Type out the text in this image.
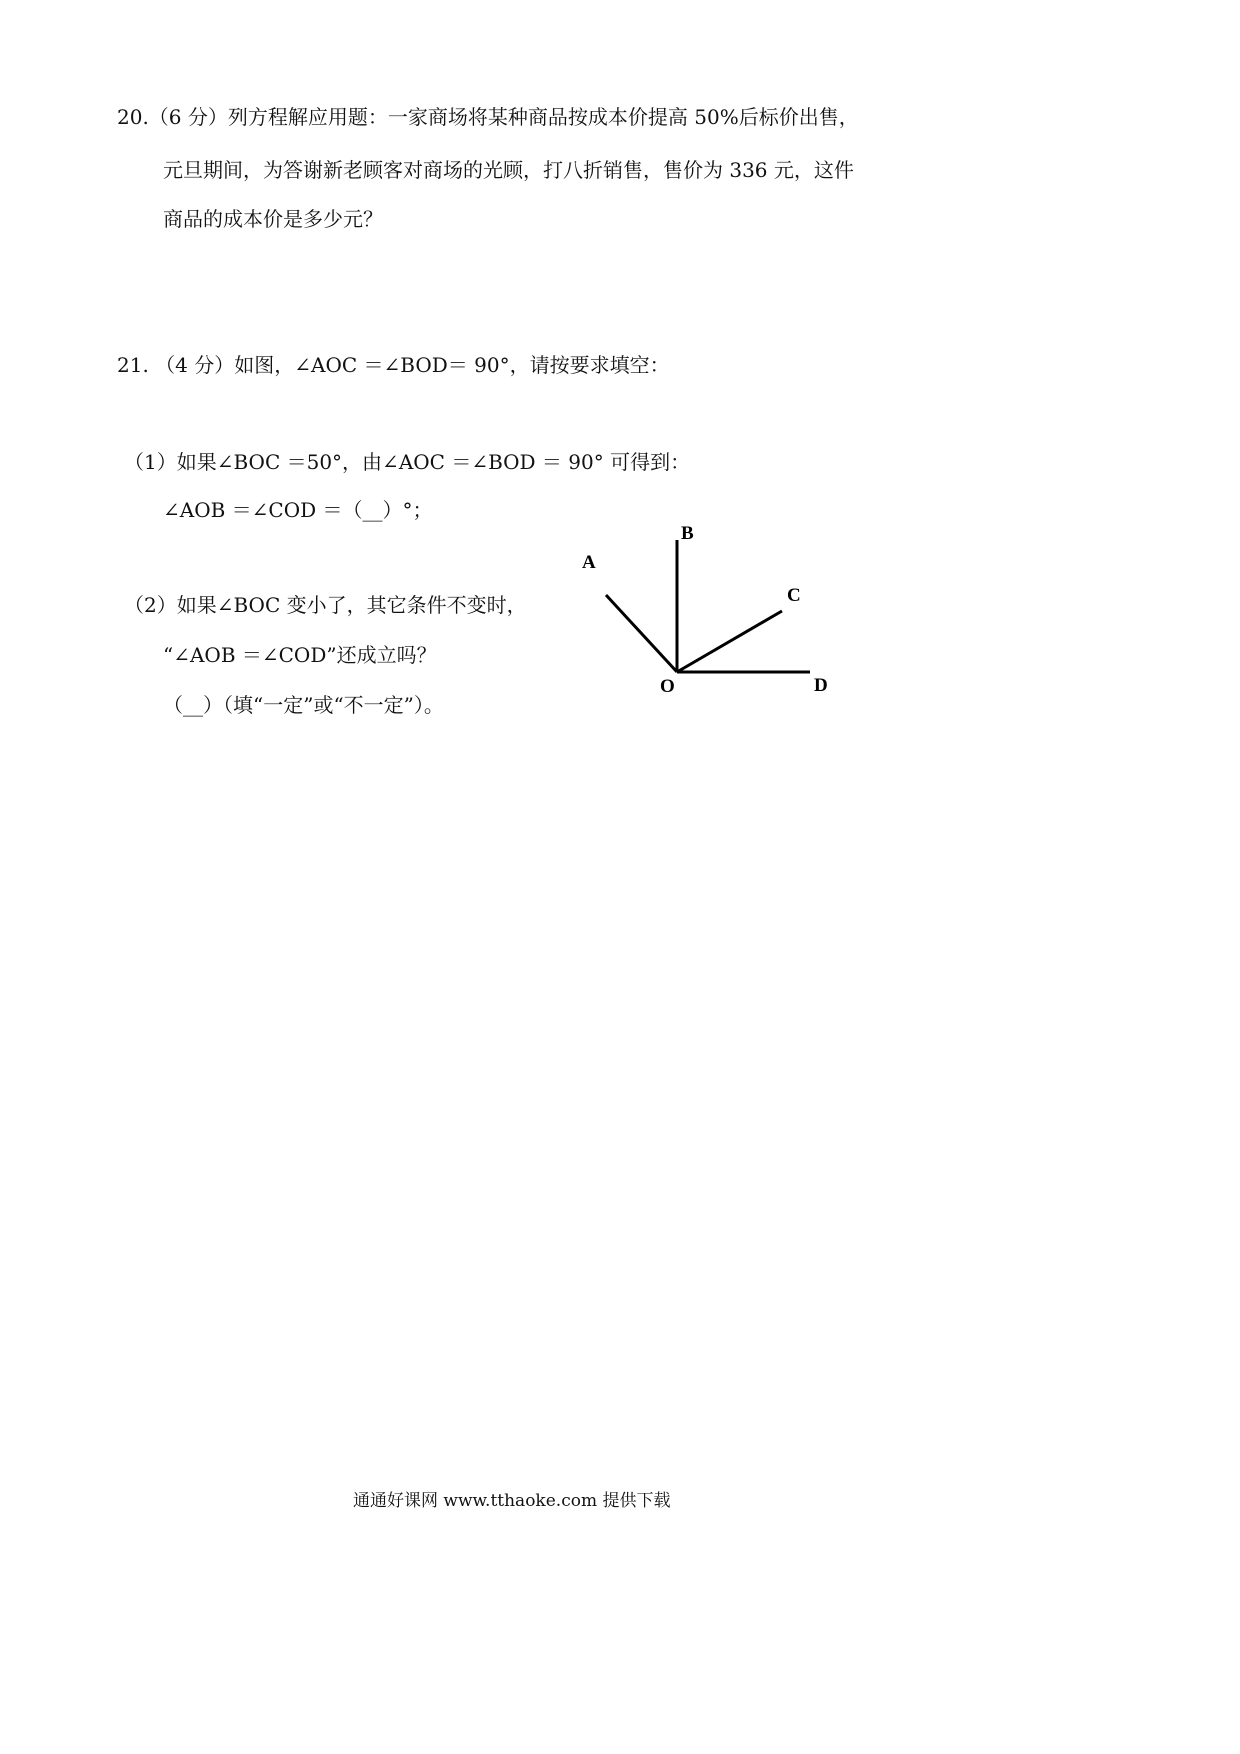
20.（6 分）列方程解应用题：一家商场将某种商品按成本价提高 50%后标价出售，
元旦期间，为答谢新老顾客对商场的光顾，打八折销售，售价为 336 元，这件
商品的成本价是多少元？
21. （4 分）如图，∠AOC ＝∠BOD＝ 90°，请按要求填空：
（1）如果∠BOC ＝50°，由∠AOC ＝∠BOD ＝ 90° 可得到：
∠AOB ＝∠COD ＝（__）°；
（2）如果∠BOC 变小了，其它条件不变时，
“∠AOB ＝∠COD”还成立吗？
（__）（填“一定”或“不一定”）。
B
A
C
O	D
通通好课网 www.tthaoke.com 提供下载
